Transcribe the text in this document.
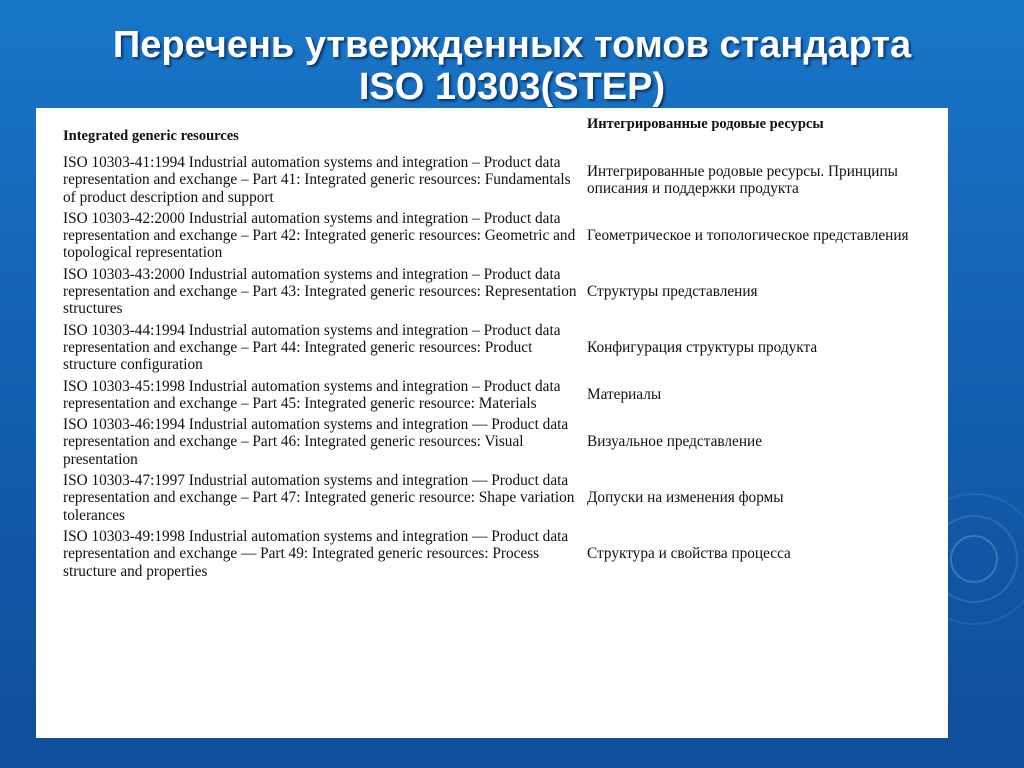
Перечень утвержденных томов стандарта
ISO 10303(STEP)
Integrated generic resources	Интегрированные родовые ресурсы
ISO 10303-41:1994 Industrial automation systems and integration – Product data representation and exchange – Part 41: Integrated generic resources: Fundamentals of product description and support	Интегрированные родовые ресурсы. Принципы описания и поддержки продукта
ISO 10303-42:2000 Industrial automation systems and integration – Product data representation and exchange – Part 42: Integrated generic resources: Geometric and topological representation	Геометрическое и топологическое представления
ISO 10303-43:2000 Industrial automation systems and integration – Product data representation and exchange – Part 43: Integrated generic resources: Representation structures	Структуры представления
ISO 10303-44:1994 Industrial automation systems and integration – Product data representation and exchange – Part 44: Integrated generic resources: Product structure configuration	Конфигурация структуры продукта
ISO 10303-45:1998 Industrial automation systems and integration – Product data representation and exchange – Part 45: Integrated generic resource: Materials	Материалы
ISO 10303-46:1994 Industrial automation systems and integration –– Product data representation and exchange – Part 46: Integrated generic resources: Visual presentation	Визуальное представление
ISO 10303-47:1997 Industrial automation systems and integration –– Product data representation and exchange – Part 47: Integrated generic resource: Shape variation tolerances	Допуски на изменения формы
ISO 10303-49:1998 Industrial automation systems and integration –– Product data representation and exchange –– Part 49: Integrated generic resources: Process structure and properties	Структура и свойства процесса
